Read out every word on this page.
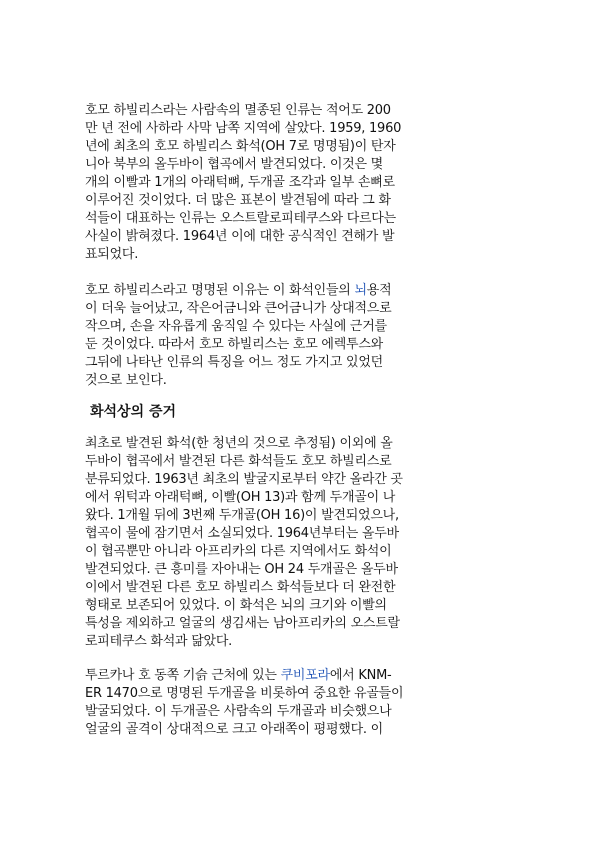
호모 하빌리스라는 사람속의 멸종된 인류는 적어도 200
만 년 전에 사하라 사막 남쪽 지역에 살았다. 1959, 1960
년에 최초의 호모 하빌리스 화석(OH 7로 명명됨)이 탄자
니아 북부의 올두바이 협곡에서 발견되었다. 이것은 몇
개의 이빨과 1개의 아래턱뼈, 두개골 조각과 일부 손뼈로
이루어진 것이었다. 더 많은 표본이 발견됨에 따라 그 화
석들이 대표하는 인류는 오스트랄로피테쿠스와 다르다는
사실이 밝혀졌다. 1964년 이에 대한 공식적인 견해가 발
표되었다.

호모 하빌리스라고 명명된 이유는 이 화석인들의 뇌용적
이 더욱 늘어났고, 작은어금니와 큰어금니가 상대적으로
작으며, 손을 자유롭게 움직일 수 있다는 사실에 근거를
둔 것이었다. 따라서 호모 하빌리스는 호모 에렉투스와
그뒤에 나타난 인류의 특징을 어느 정도 가지고 있었던
것으로 보인다.

화석상의 증거

최초로 발견된 화석(한 청년의 것으로 추정됨) 이외에 올
두바이 협곡에서 발견된 다른 화석들도 호모 하빌리스로
분류되었다. 1963년 최초의 발굴지로부터 약간 올라간 곳
에서 위턱과 아래턱뼈, 이빨(OH 13)과 함께 두개골이 나
왔다. 1개월 뒤에 3번째 두개골(OH 16)이 발견되었으나,
협곡이 물에 잠기면서 소실되었다. 1964년부터는 올두바
이 협곡뿐만 아니라 아프리카의 다른 지역에서도 화석이
발견되었다. 큰 흥미를 자아내는 OH 24 두개골은 올두바
이에서 발견된 다른 호모 하빌리스 화석들보다 더 완전한
형태로 보존되어 있었다. 이 화석은 뇌의 크기와 이빨의
특성을 제외하고 얼굴의 생김새는 남아프리카의 오스트랄
로피테쿠스 화석과 닮았다.

투르카나 호 동쪽 기슭 근처에 있는 쿠비포라에서 KNM-
ER 1470으로 명명된 두개골을 비롯하여 중요한 유골들이
발굴되었다. 이 두개골은 사람속의 두개골과 비슷했으나
얼굴의 골격이 상대적으로 크고 아래쪽이 평평했다. 이
